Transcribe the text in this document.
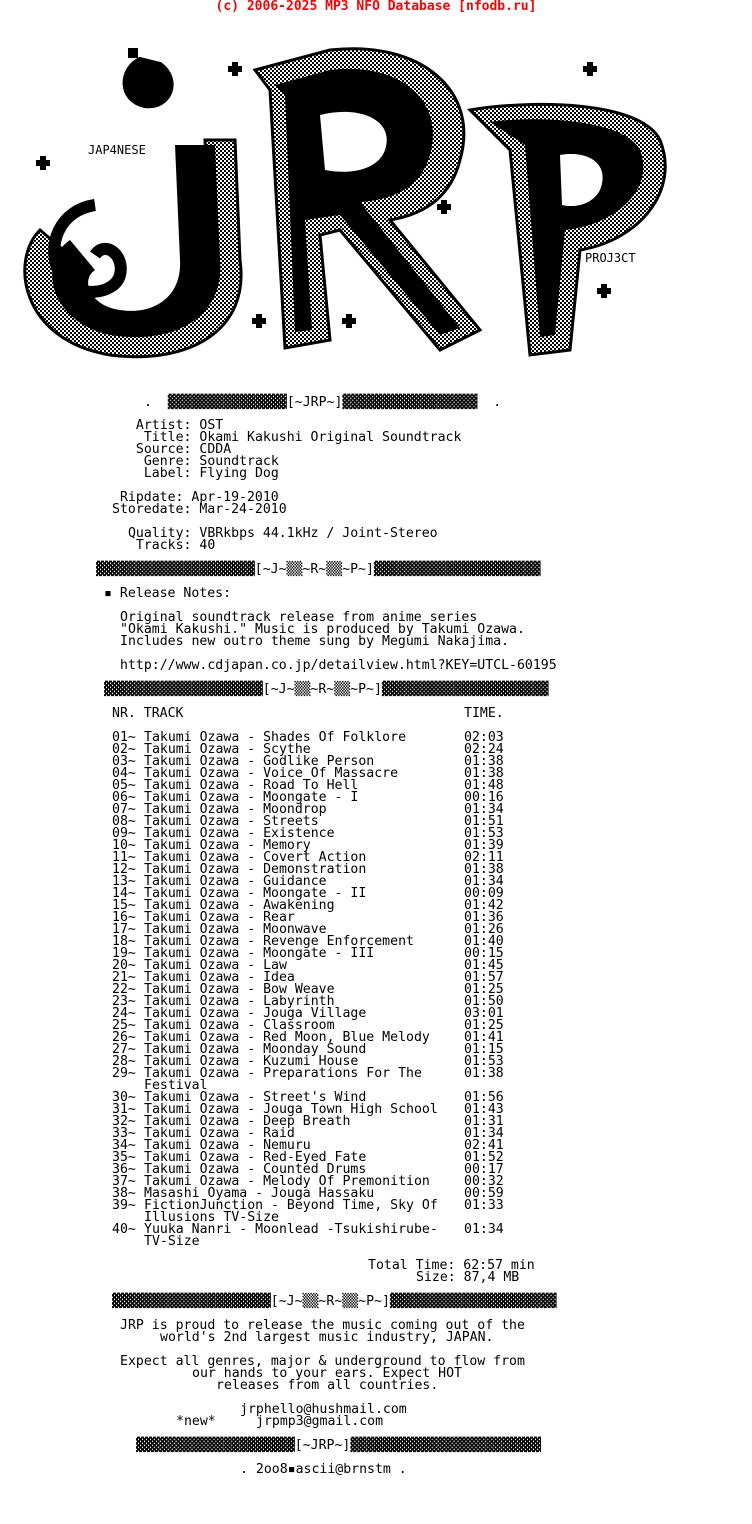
(c) 2006-2025 MP3 NFO Database [nfodb.ru]
JAP4NESE
REL3ASE
PROJ3CT
.  ▓▓▓▓▓▓▓▓▓▓▓▓▓▓▓[~JRP~]▓▓▓▓▓▓▓▓▓▓▓▓▓▓▓▓▓  .
Artist: OST
Title: Okami Kakushi Original Soundtrack
Source: CDDA
Genre: Soundtrack
Label: Flying Dog
Ripdate: Apr-19-2010
Storedate: Mar-24-2010
Quality: VBRkbps 44.1kHz / Joint-Stereo
Tracks: 40
▓▓▓▓▓▓▓▓▓▓▓▓▓▓▓▓▓▓▓▓[~J~▒▒~R~▒▒~P~]▓▓▓▓▓▓▓▓▓▓▓▓▓▓▓▓▓▓▓▓▓
▪ Release Notes:
Original soundtrack release from anime series
"Okami Kakushi." Music is produced by Takumi Ozawa.
Includes new outro theme sung by Megumi Nakajima.
http://www.cdjapan.co.jp/detailview.html?KEY=UTCL-60195
▓▓▓▓▓▓▓▓▓▓▓▓▓▓▓▓▓▓▓▓[~J~▒▒~R~▒▒~P~]▓▓▓▓▓▓▓▓▓▓▓▓▓▓▓▓▓▓▓▓▓
NR. TRACK	TIME.
01~ Takumi Ozawa - Shades Of Folklore	02:03
02~ Takumi Ozawa - Scythe	02:24
03~ Takumi Ozawa - Godlike Person	01:38
04~ Takumi Ozawa - Voice Of Massacre	01:38
05~ Takumi Ozawa - Road To Hell	01:48
06~ Takumi Ozawa - Moongate - I	00:16
07~ Takumi Ozawa - Moondrop	01:34
08~ Takumi Ozawa - Streets	01:51
09~ Takumi Ozawa - Existence	01:53
10~ Takumi Ozawa - Memory	01:39
11~ Takumi Ozawa - Covert Action	02:11
12~ Takumi Ozawa - Demonstration	01:38
13~ Takumi Ozawa - Guidance	01:34
14~ Takumi Ozawa - Moongate - II	00:09
15~ Takumi Ozawa - Awakening	01:42
16~ Takumi Ozawa - Rear	01:36
17~ Takumi Ozawa - Moonwave	01:26
18~ Takumi Ozawa - Revenge Enforcement	01:40
19~ Takumi Ozawa - Moongate - III	00:15
20~ Takumi Ozawa - Law	01:45
21~ Takumi Ozawa - Idea	01:57
22~ Takumi Ozawa - Bow Weave	01:25
23~ Takumi Ozawa - Labyrinth	01:50
24~ Takumi Ozawa - Jouga Village	03:01
25~ Takumi Ozawa - Classroom	01:25
26~ Takumi Ozawa - Red Moon, Blue Melody	01:41
27~ Takumi Ozawa - Moonday Sound	01:15
28~ Takumi Ozawa - Kuzumi House	01:53
29~ Takumi Ozawa - Preparations For The	01:38
Festival
30~ Takumi Ozawa - Street's Wind	01:56
31~ Takumi Ozawa - Jouga Town High School 01:43
32~ Takumi Ozawa - Deep Breath	01:31
33~ Takumi Ozawa - Raid	01:34
34~ Takumi Ozawa - Nemuru	02:41
35~ Takumi Ozawa - Red-Eyed Fate	01:52
36~ Takumi Ozawa - Counted Drums	00:17
37~ Takumi Ozawa - Melody Of Premonition	00:32
38~ Masashi Oyama - Jouga Hassaku	00:59
39~ FictionJunction - Beyond Time, Sky Of 01:33
Illusions TV-Size
40~ Yuuka Nanri - Moonlead -Tsukishirube- 01:34
TV-Size
Total Time: 62:57 min
Size: 87,4 MB
▓▓▓▓▓▓▓▓▓▓▓▓▓▓▓▓▓▓▓▓[~J~▒▒~R~▒▒~P~]▓▓▓▓▓▓▓▓▓▓▓▓▓▓▓▓▓▓▓▓▓
JRP is proud to release the music coming out of the
world's 2nd largest music industry, JAPAN.
Expect all genres, major & underground to flow from
our hands to your ears. Expect HOT
releases from all countries.
jrphello@hushmail.com
*new*	jrpmp3@gmail.com
▓▓▓▓▓▓▓▓▓▓▓▓▓▓▓▓▓▓▓▓[~JRP~]▓▓▓▓▓▓▓▓▓▓▓▓▓▓▓▓▓▓▓▓▓▓▓▓
. 2oo8▪ascii@brnstm .
